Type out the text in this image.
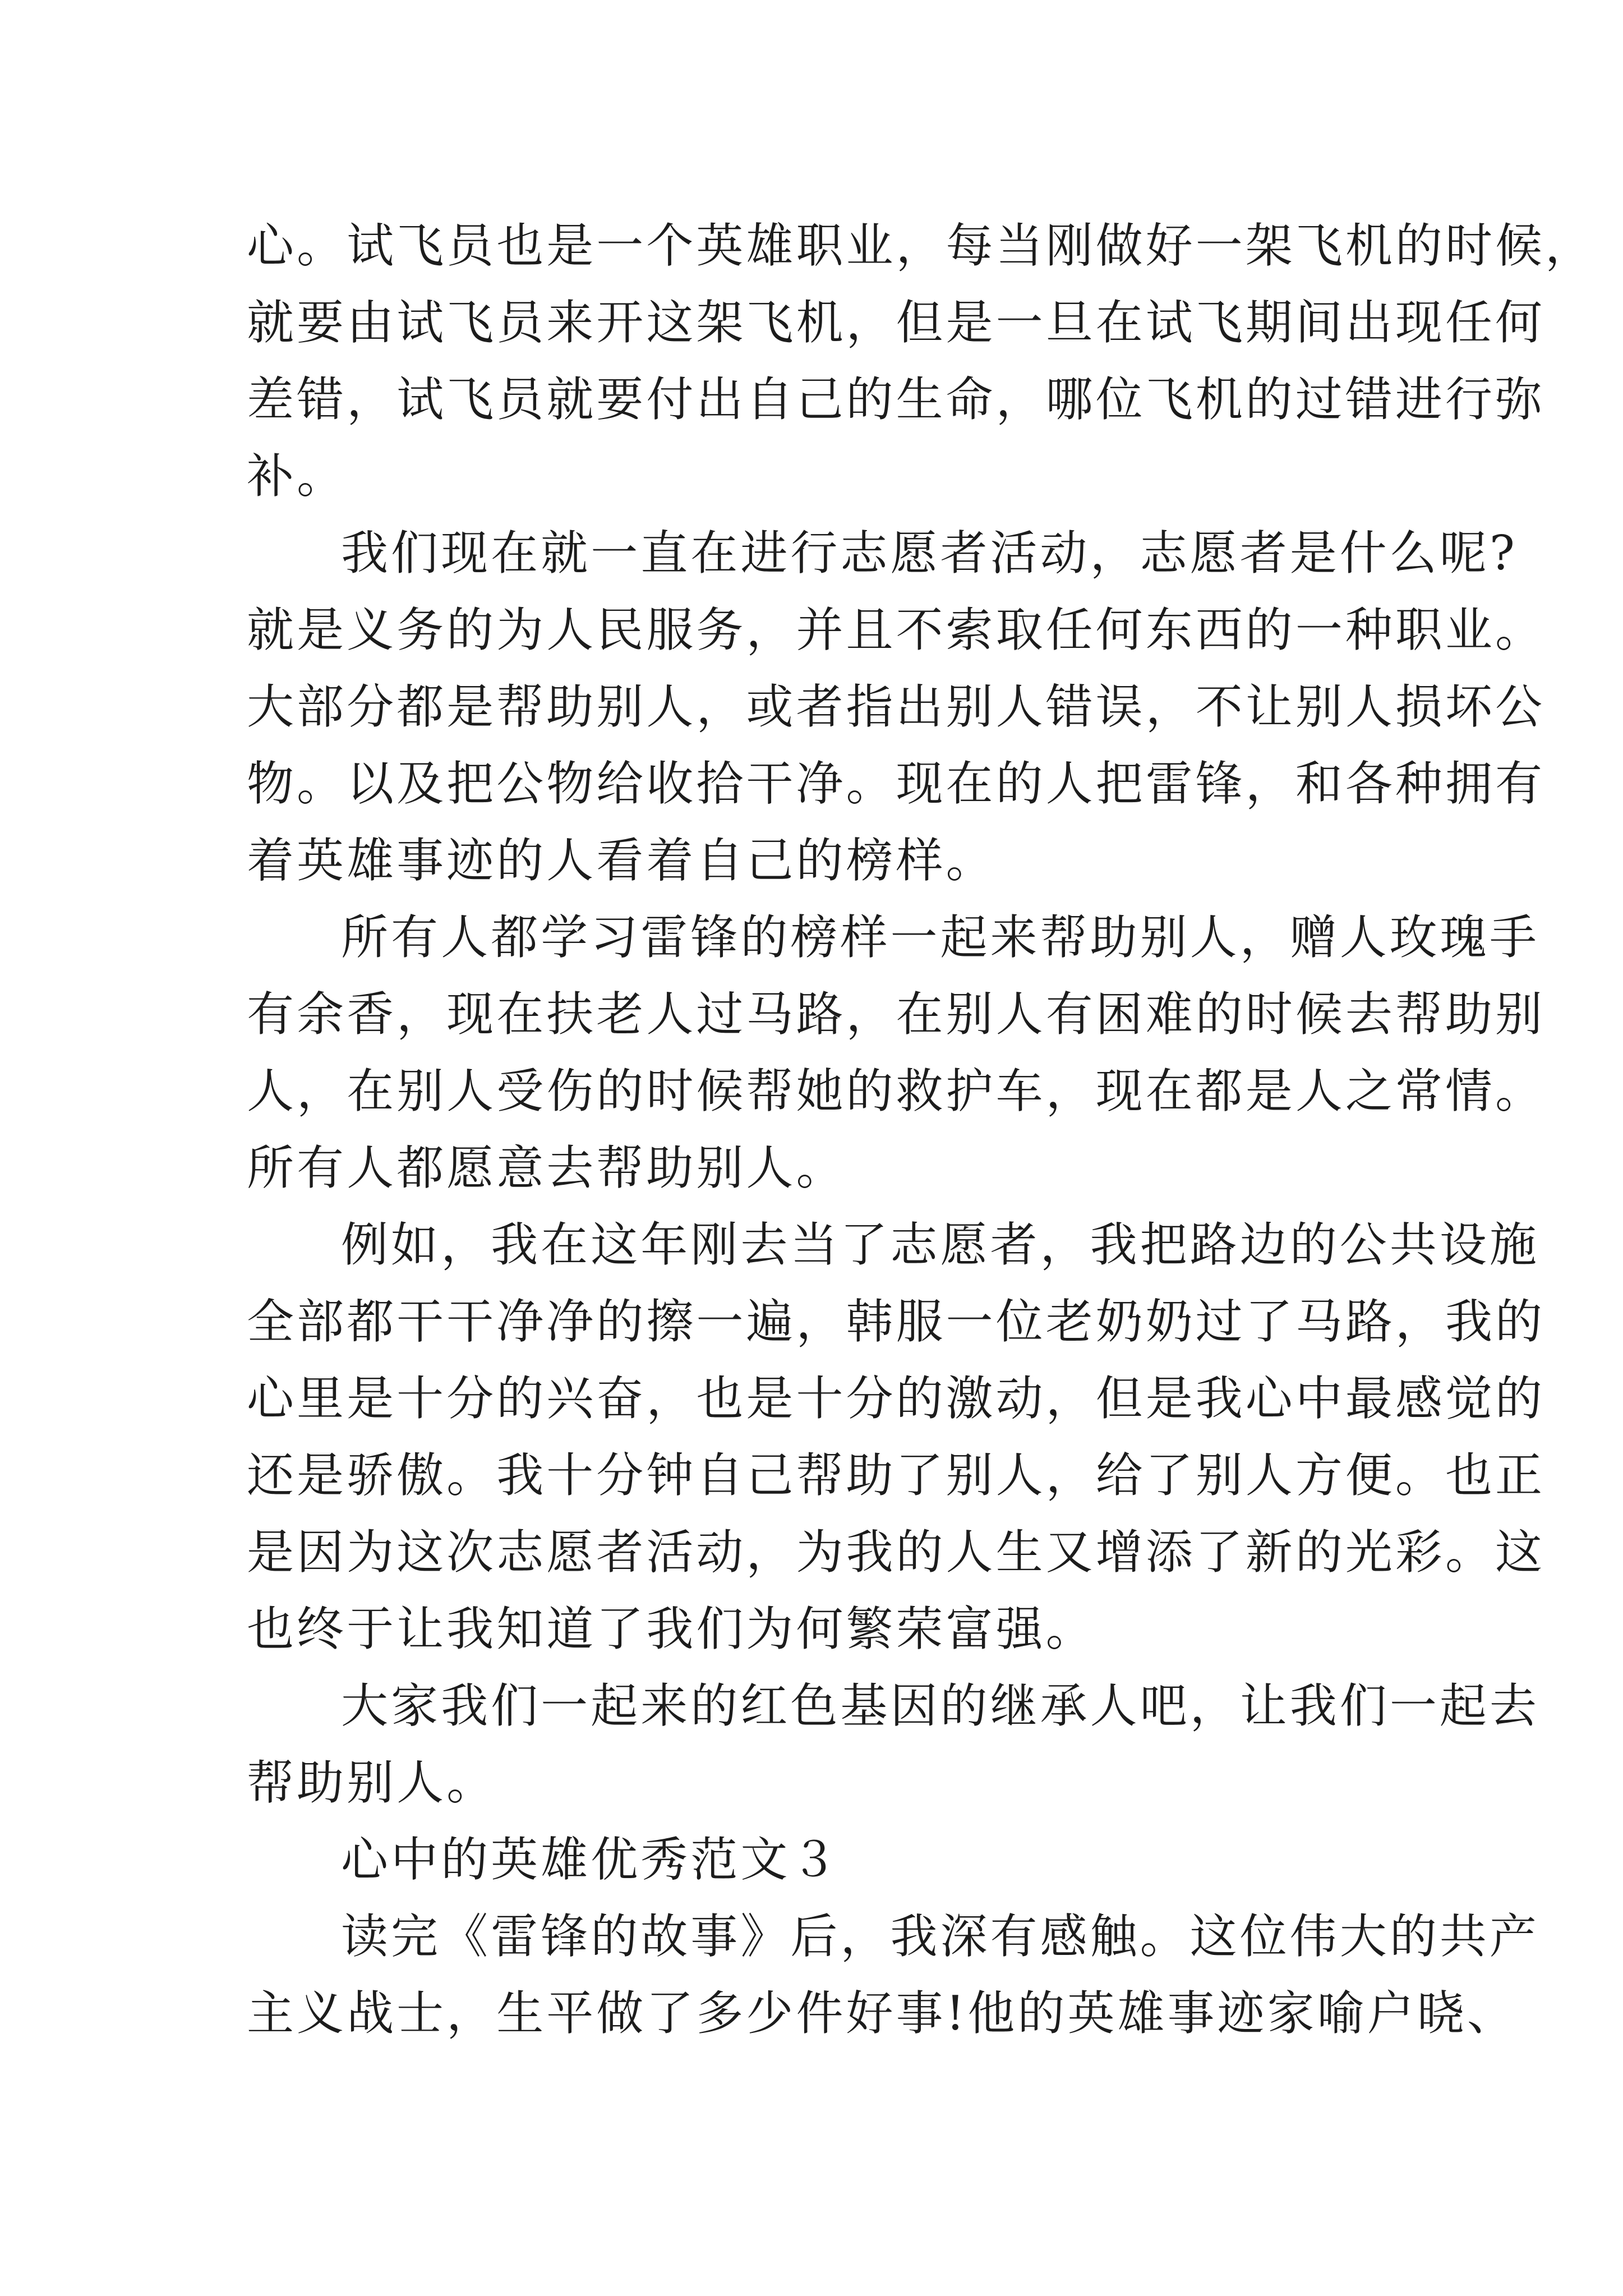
心。试飞员也是一个英雄职业，每当刚做好一架飞机的时候，
就要由试飞员来开这架飞机，但是一旦在试飞期间出现任何
差错，试飞员就要付出自己的生命，哪位飞机的过错进行弥
补。
我们现在就一直在进行志愿者活动，志愿者是什么呢?
就是义务的为人民服务，并且不索取任何东西的一种职业。
大部分都是帮助别人，或者指出别人错误，不让别人损坏公
物。以及把公物给收拾干净。现在的人把雷锋，和各种拥有
着英雄事迹的人看着自己的榜样。
所有人都学习雷锋的榜样一起来帮助别人，赠人玫瑰手
有余香，现在扶老人过马路，在别人有困难的时候去帮助别
人，在别人受伤的时候帮她的救护车，现在都是人之常情。
所有人都愿意去帮助别人。
例如，我在这年刚去当了志愿者，我把路边的公共设施
全部都干干净净的擦一遍，韩服一位老奶奶过了马路，我的
心里是十分的兴奋，也是十分的激动，但是我心中最感觉的
还是骄傲。我十分钟自己帮助了别人，给了别人方便。也正
是因为这次志愿者活动，为我的人生又增添了新的光彩。这
也终于让我知道了我们为何繁荣富强。
大家我们一起来的红色基因的继承人吧，让我们一起去
帮助别人。
心中的英雄优秀范文３
读完《雷锋的故事》后，我深有感触。这位伟大的共产
主义战士，生平做了多少件好事!他的英雄事迹家喻户晓、
